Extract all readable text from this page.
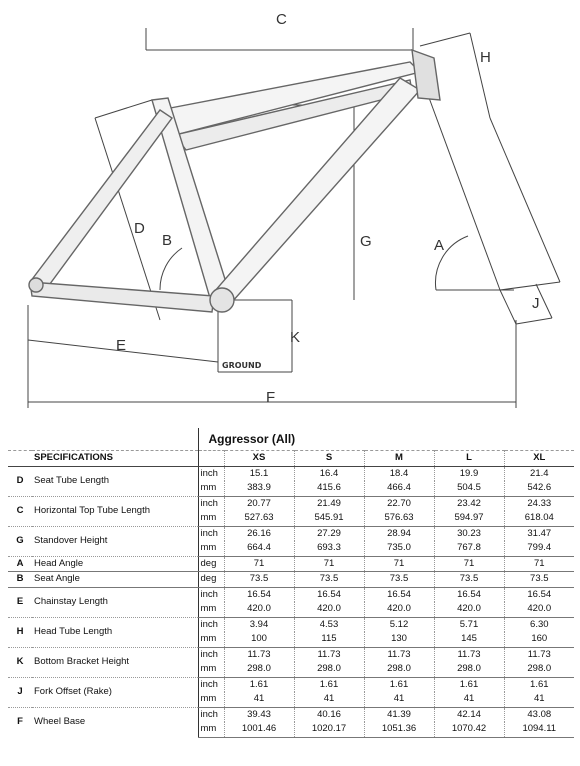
C
H
D
B	G	A
J
K
E
F
GROUND
		Aggressor (All)					
	SPECIFICATIONS		XS	S	M	L	XL
D	Seat Tube Length	inch	15.1	16.4	18.4	19.9	21.4
		mm	383.9	415.6	466.4	504.5	542.6
C	Horizontal Top Tube Length	inch	20.77	21.49	22.70	23.42	24.33
		mm	527.63	545.91	576.63	594.97	618.04
G	Standover Height	inch	26.16	27.29	28.94	30.23	31.47
		mm	664.4	693.3	735.0	767.8	799.4
A	Head Angle	deg	71	71	71	71	71
B	Seat Angle	deg	73.5	73.5	73.5	73.5	73.5
E	Chainstay Length	inch	16.54	16.54	16.54	16.54	16.54
		mm	420.0	420.0	420.0	420.0	420.0
H	Head Tube Length	inch	3.94	4.53	5.12	5.71	6.30
		mm	100	115	130	145	160
K	Bottom Bracket Height	inch	11.73	11.73	11.73	11.73	11.73
		mm	298.0	298.0	298.0	298.0	298.0
J	Fork Offset (Rake)	inch	1.61	1.61	1.61	1.61	1.61
		mm	41	41	41	41	41
F	Wheel Base	inch	39.43	40.16	41.39	42.14	43.08
		mm	1001.46	1020.17	1051.36	1070.42	1094.11
